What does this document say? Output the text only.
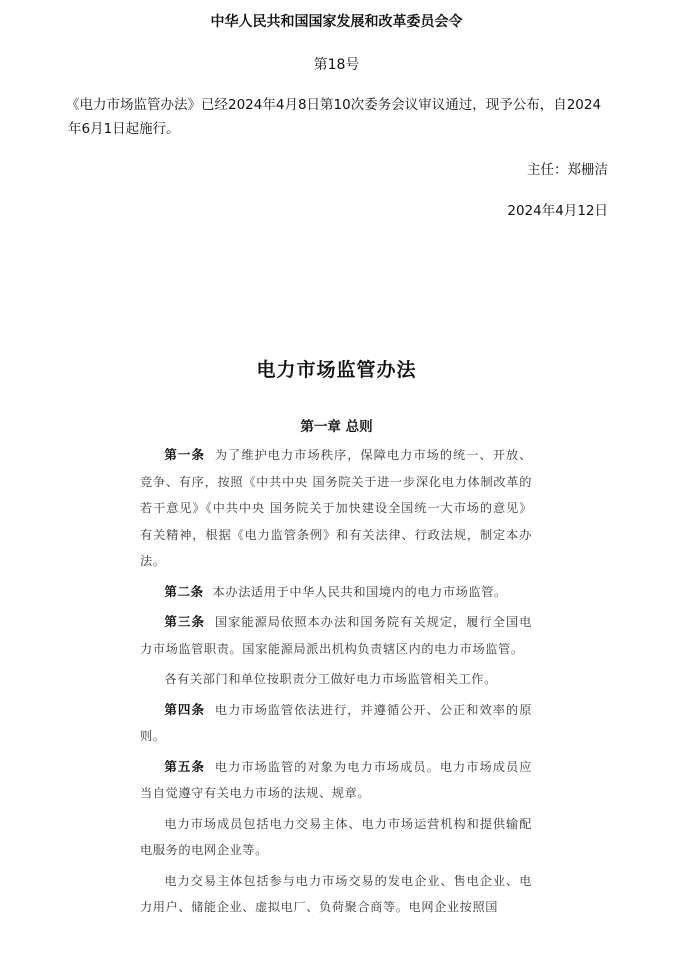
中华人民共和国国家发展和改革委员会令
第18号
《电力市场监管办法》已经2024年4月8日第10次委务会议审议通过，现予公布，自2024年6月1日起施行。
主任：郑栅洁
2024年4月12日
电力市场监管办法
第一章 总则

第一条 为了维护电力市场秩序，保障电力市场的统一、开放、竞争、有序，按照《中共中央 国务院关于进一步深化电力体制改革的若干意见》《中共中央 国务院关于加快建设全国统一大市场的意见》有关精神，根据《电力监管条例》和有关法律、行政法规，制定本办法。

第二条 本办法适用于中华人民共和国境内的电力市场监管。

第三条 国家能源局依照本办法和国务院有关规定，履行全国电力市场监管职责。国家能源局派出机构负责辖区内的电力市场监管。

各有关部门和单位按职责分工做好电力市场监管相关工作。

第四条 电力市场监管依法进行，并遵循公开、公正和效率的原则。

第五条 电力市场监管的对象为电力市场成员。电力市场成员应当自觉遵守有关电力市场的法规、规章。

电力市场成员包括电力交易主体、电力市场运营机构和提供输配电服务的电网企业等。

电力交易主体包括参与电力市场交易的发电企业、售电企业、电力用户、储能企业、虚拟电厂、负荷聚合商等。电网企业按照国
